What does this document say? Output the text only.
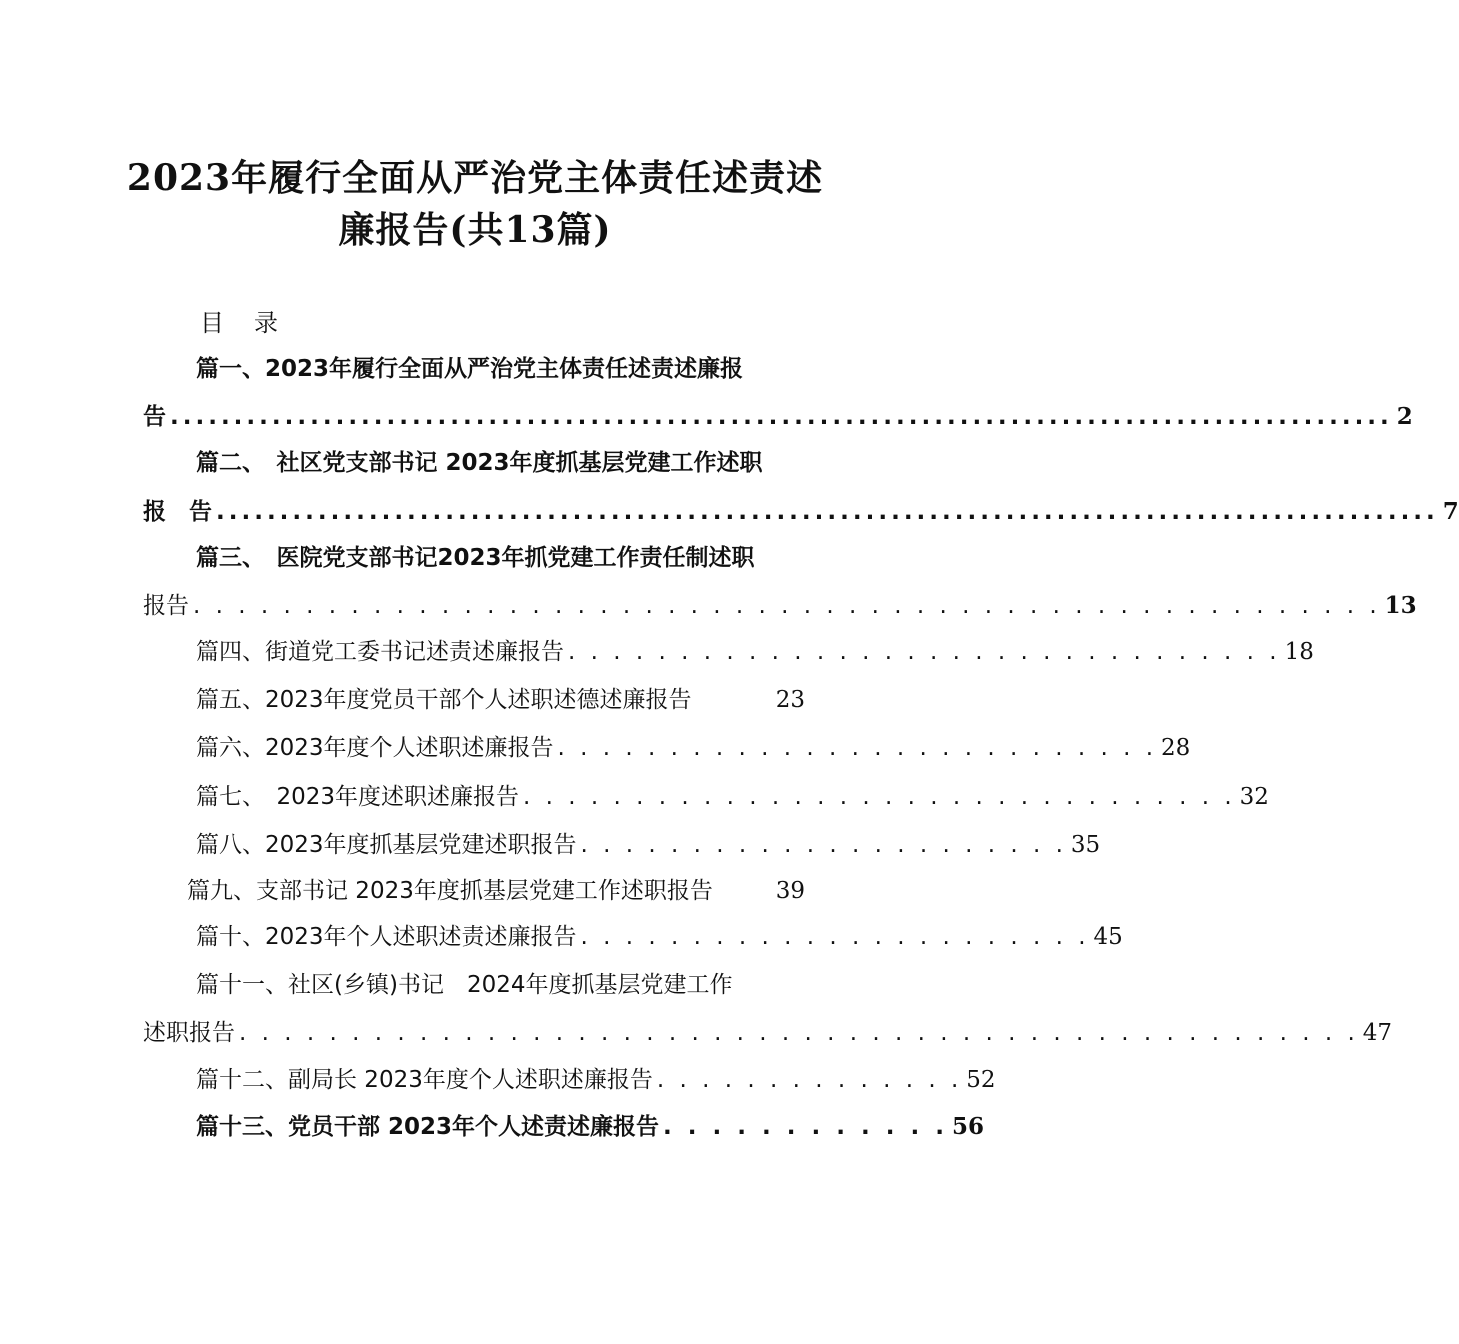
2023年履行全面从严治党主体责任述责述
廉报告(共13篇)
目 录
篇一、2023年履行全面从严治党主体责任述责述廉报
告 ................................................................................................ 2
篇二、　社区党支部书记 2023年度抓基层党建工作述职
报　告 ................................................................................................ 7
篇三、　医院党支部书记2023年抓党建工作责任制述职
报告 . . . . . . . . . . . . . . . . . . . . . . . . . . . . . . . . . . . . . . . . . . . . . . . . . . . . . 13
篇四、街道党工委书记述责述廉报告 . . . . . . . . . . . . . . . . . . . . . . . . . . . . . . . . 18
篇五、2023年度党员干部个人述职述德述廉报告	23
篇六、2023年度个人述职述廉报告 . . . . . . . . . . . . . . . . . . . . . . . . . . . 28
篇七、　2023年度述职述廉报告 . . . . . . . . . . . . . . . . . . . . . . . . . . . . . . . . 32
篇八、2023年度抓基层党建述职报告 . . . . . . . . . . . . . . . . . . . . . . 35
篇九、支部书记 2023年度抓基层党建工作述职报告	39
篇十、2023年个人述职述责述廉报告 . . . . . . . . . . . . . . . . . . . . . . . 45
篇十一、社区(乡镇)书记　2024年度抓基层党建工作
述职报告 . . . . . . . . . . . . . . . . . . . . . . . . . . . . . . . . . . . . . . . . . . . . . . . . . . 47
篇十二、副局长 2023年度个人述职述廉报告 . . . . . . . . . . . . . . 52
篇十三、党员干部 2023年个人述责述廉报告 . . . . . . . . . . . . 56
